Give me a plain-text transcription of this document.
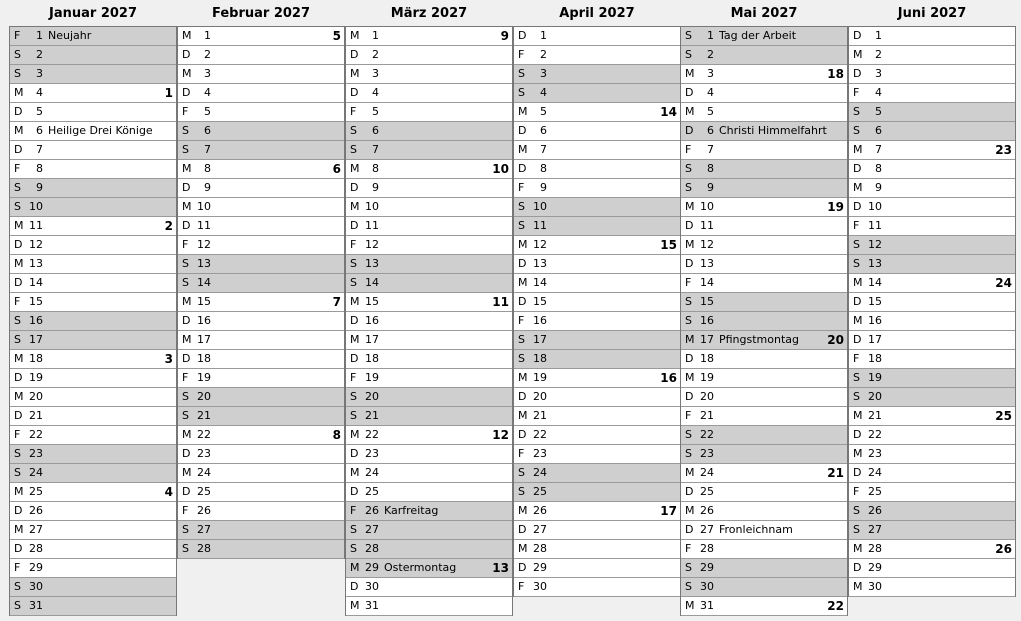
Januar 2027
F	1 Neujahr
S	2
S	3
M	4	1
D	5
M	6 Heilige Drei Könige
D	7
F	8
S	9
S 10
M 11	2
D 12
M 13
D 14
F 15
S 16
S 17
M 18	3
D 19
M 20
D 21
F 22
S 23
S 24
M 25	4
D 26
M 27
D 28
F 29
S 30
S 31
Februar 2027
M	1	5
D	2
M	3
D	4
F	5
S	6
S	7
M	8	6
D	9
M 10
D 11
F 12
S 13
S 14
M 15	7
D 16
M 17
D 18
F 19
S 20
S 21
M 22	8
D 23
M 24
D 25
F 26
S 27
S 28
März 2027
M	1	9
D	2
M	3
D	4
F	5
S	6
S	7
M	8	10
D	9
M 10
D 11
F 12
S 13
S 14
M 15	11
D 16
M 17
D 18
F 19
S 20
S 21
M 22	12
D 23
M 24
D 25
F 26 Karfreitag
S 27
S 28
M 29 Ostermontag	13
D 30
M 31
April 2027
D	1
F	2
S	3
S	4
M	5	14
D	6
M	7
D	8
F	9
S 10
S 11
M 12	15
D 13
M 14
D 15
F 16
S 17
S 18
M 19	16
D 20
M 21
D 22
F 23
S 24
S 25
M 26	17
D 27
M 28
D 29
F 30
Mai 2027
S	1 Tag der Arbeit
S	2
M	3	18
D	4
M	5
D	6 Christi Himmelfahrt
F	7
S	8
S	9
M 10	19
D 11
M 12
D 13
F 14
S 15
S 16
M 17 Pfingstmontag 20
D 18
M 19
D 20
F 21
S 22
S 23
M 24	21
D 25
M 26
D 27 Fronleichnam
F 28
S 29
S 30
M 31	22
Juni 2027
D	1
M	2
D	3
F	4
S	5
S	6
M	7	23
D	8
M	9
D 10
F 11
S 12
S 13
M 14	24
D 15
M 16
D 17
F 18
S 19
S 20
M 21	25
D 22
M 23
D 24
F 25
S 26
S 27
M 28	26
D 29
M 30
